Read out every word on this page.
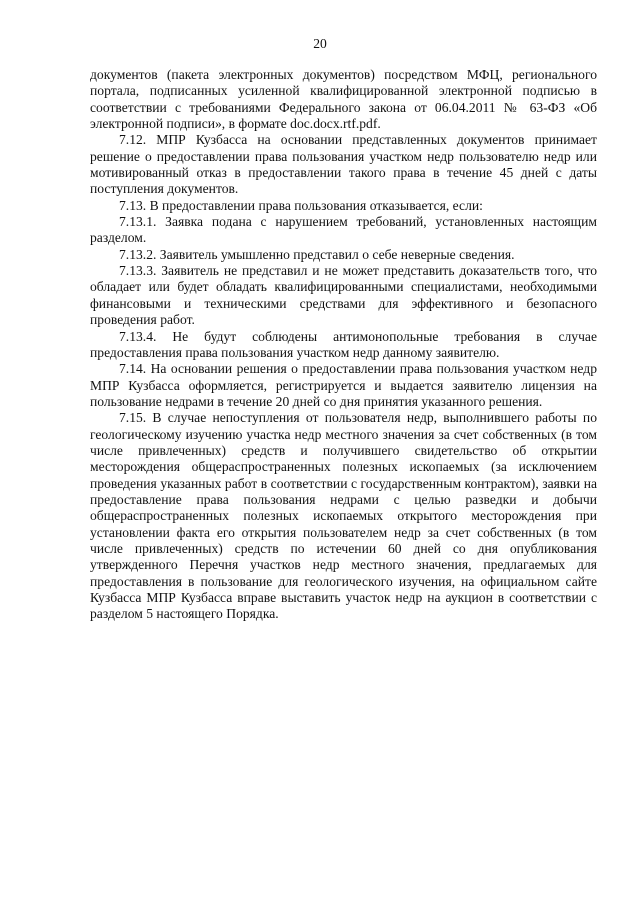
20

документов (пакета электронных документов) посредством МФЦ, регионального портала, подписанных усиленной квалифицированной электронной подписью в соответствии с требованиями Федерального закона от 06.04.2011 № 63-ФЗ «Об электронной подписи», в формате doc.docx.rtf.pdf.

7.12. МПР Кузбасса на основании представленных документов принимает решение о предоставлении права пользования участком недр пользователю недр или мотивированный отказ в предоставлении такого права в течение 45 дней с даты поступления документов.

7.13. В предоставлении права пользования отказывается, если:

7.13.1. Заявка подана с нарушением требований, установленных настоящим разделом.

7.13.2. Заявитель умышленно представил о себе неверные сведения.

7.13.3. Заявитель не представил и не может представить доказательств того, что обладает или будет обладать квалифицированными специалистами, необходимыми финансовыми и техническими средствами для эффективного и безопасного проведения работ.

7.13.4. Не будут соблюдены антимонопольные требования в случае предоставления права пользования участком недр данному заявителю.

7.14. На основании решения о предоставлении права пользования участком недр МПР Кузбасса оформляется, регистрируется и выдается заявителю лицензия на пользование недрами в течение 20 дней со дня принятия указанного решения.

7.15. В случае непоступления от пользователя недр, выполнившего работы по геологическому изучению участка недр местного значения за счет собственных (в том числе привлеченных) средств и получившего свидетельство об открытии месторождения общераспространенных полезных ископаемых (за исключением проведения указанных работ в соответствии с государственным контрактом), заявки на предоставление права пользования недрами с целью разведки и добычи общераспространенных полезных ископаемых открытого месторождения при установлении факта его открытия пользователем недр за счет собственных (в том числе привлеченных) средств по истечении 60 дней со дня опубликования утвержденного Перечня участков недр местного значения, предлагаемых для предоставления в пользование для геологического изучения, на официальном сайте Кузбасса МПР Кузбасса вправе выставить участок недр на аукцион в соответствии с разделом 5 настоящего Порядка.
